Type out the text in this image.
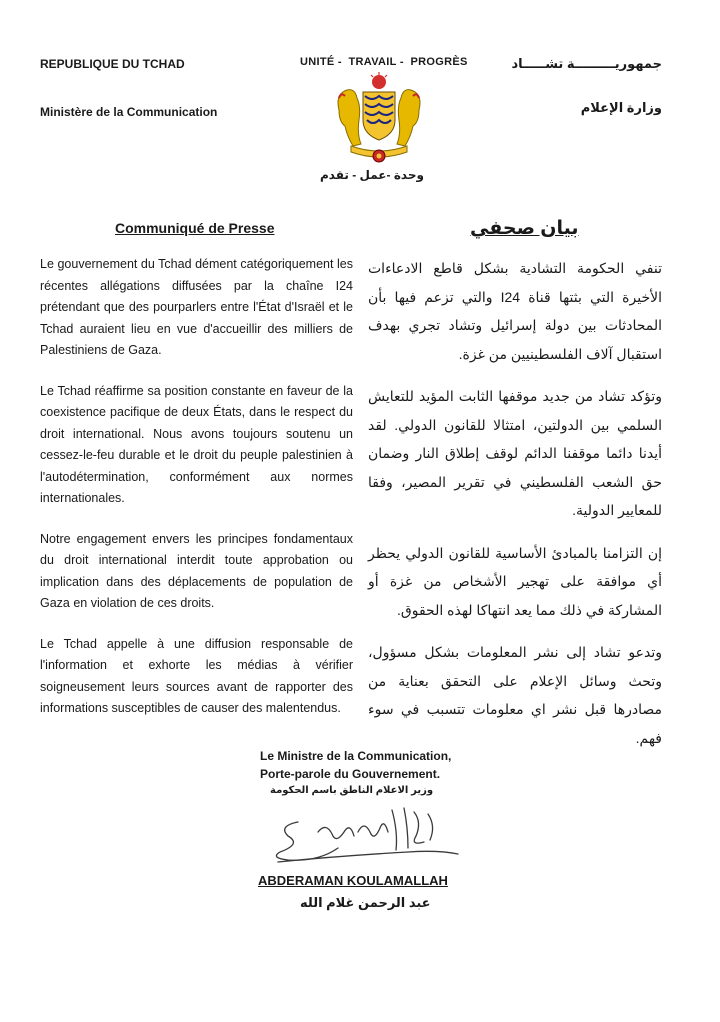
REPUBLIQUE DU TCHAD
Ministère de la Communication
UNITÉ -  TRAVAIL -  PROGRÈS
وحدة -عمل - تقدم
جمهوريـــــــــة تشـــــاد
وزارة الإعلام
Communiqué de Presse	بيان صحفي

Le gouvernement du Tchad dément catégoriquement les récentes allégations diffusées par la chaîne I24 prétendant que des pourparlers entre l'État d'Israël et le Tchad auraient lieu en vue d'accueillir des milliers de Palestiniens de Gaza.

Le Tchad réaffirme sa position constante en faveur de la coexistence pacifique de deux États, dans le respect du droit international. Nous avons toujours soutenu un cessez-le-feu durable et le droit du peuple palestinien à l'autodétermination, conformément aux normes internationales.

Notre engagement envers les principes fondamentaux du droit international interdit toute approbation ou implication dans des déplacements de population de Gaza en violation de ces droits.

Le Tchad appelle à une diffusion responsable de l'information et exhorte les médias à vérifier soigneusement leurs sources avant de rapporter des informations susceptibles de causer des malentendus.

تنفي الحكومة التشادية بشكل قاطع الادعاءات الأخيرة التي بثتها قناة I24 والتي تزعم فيها بأن المحادثات بين دولة إسرائيل وتشاد تجري بهدف استقبال آلاف الفلسطينيين من غزة.

وتؤكد تشاد من جديد موقفها الثابت المؤيد للتعايش السلمي بين الدولتين، امتثالا للقانون الدولي. لقد أيدنا دائما موقفنا الدائم لوقف إطلاق النار وضمان حق الشعب الفلسطيني في تقرير المصير، وفقا للمعايير الدولية.

إن التزامنا بالمبادئ الأساسية للقانون الدولي يحظر أي موافقة على تهجير الأشخاص من غزة أو المشاركة في ذلك مما يعد انتهاكا لهذه الحقوق.

وتدعو تشاد إلى نشر المعلومات بشكل مسؤول، وتحث وسائل الإعلام على التحقق بعناية من مصادرها قبل نشر اي معلومات تتسبب في سوء فهم.

Le Ministre de la Communication,
Porte-parole du Gouvernement.
وزير الاعلام الناطق باسم الحكومة
ABDERAMAN KOULAMALLAH
عبد الرحمن غلام الله
